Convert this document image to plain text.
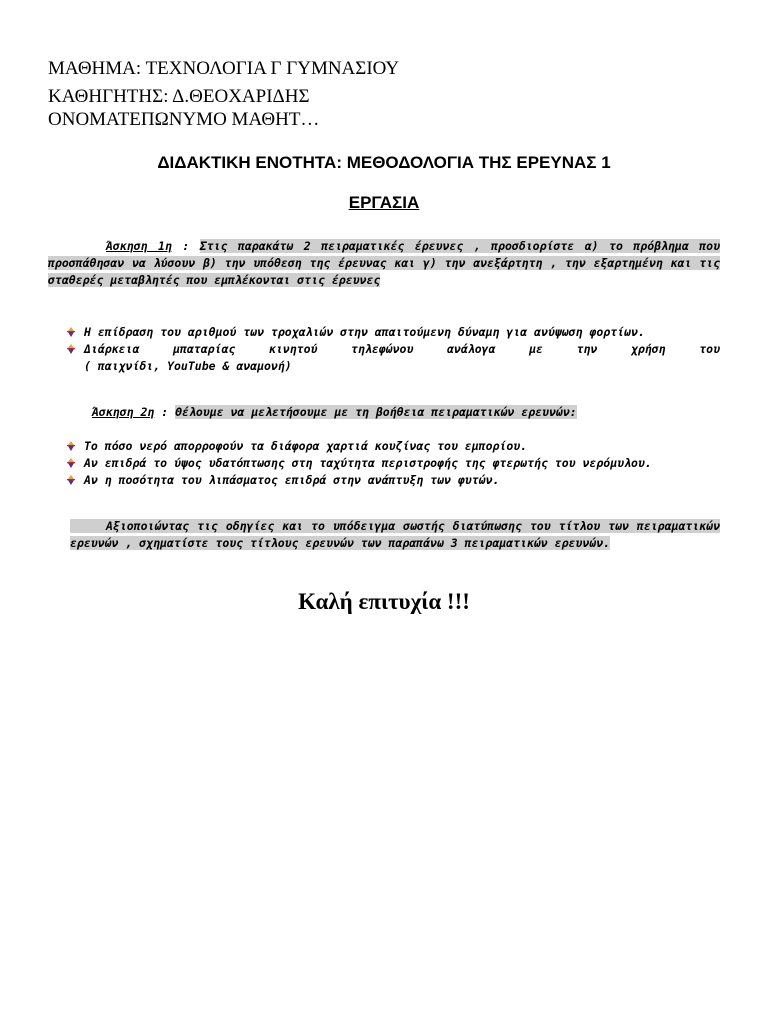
ΜΑΘΗΜΑ: ΤΕΧΝΟΛΟΓΙΑ Γ ΓΥΜΝΑΣΙΟΥ
ΚΑΘΗΓΗΤΗΣ: Δ.ΘΕΟΧΑΡΙΔΗΣ
ΟΝΟΜΑΤΕΠΩΝΥΜΟ ΜΑΘΗΤ…
ΔΙΔΑΚΤΙΚΗ ΕΝΟΤΗΤΑ: ΜΕΘΟΔΟΛΟΓΙΑ ΤΗΣ ΕΡΕΥΝΑΣ 1
ΕΡΓΑΣΙΑ
Άσκηση 1η : Στις παρακάτω 2 πειραματικές έρευνες , προσδιορίστε α) το πρόβλημα που προσπάθησαν να λύσουν β) την υπόθεση της έρευνας και γ) την ανεξάρτητη , την εξαρτημένη και τις σταθερές μεταβλητές που εμπλέκονται στις έρευνες
Η επίδραση του αριθμού των τροχαλιών στην απαιτούμενη δύναμη για ανύψωση φορτίων.
Διάρκεια μπαταρίας κινητού τηλεφώνου ανάλογα με την χρήση του
( παιχνίδι, YouTube & αναμονή)
Άσκηση 2η : Θέλουμε να μελετήσουμε με τη βοήθεια πειραματικών ερευνών:
Το πόσο νερό απορροφούν τα διάφορα χαρτιά κουζίνας του εμπορίου.
Αν επιδρά το ύψος υδατόπτωσης στη ταχύτητα περιστροφής της φτερωτής του νερόμυλου.
Αν η ποσότητα του λιπάσματος επιδρά στην ανάπτυξη των φυτών.
Αξιοποιώντας τις οδηγίες και το υπόδειγμα σωστής διατύπωσης του τίτλου των πειραματικών ερευνών , σχηματίστε τους τίτλους ερευνών των παραπάνω 3 πειραματικών ερευνών.
Καλή επιτυχία !!!
